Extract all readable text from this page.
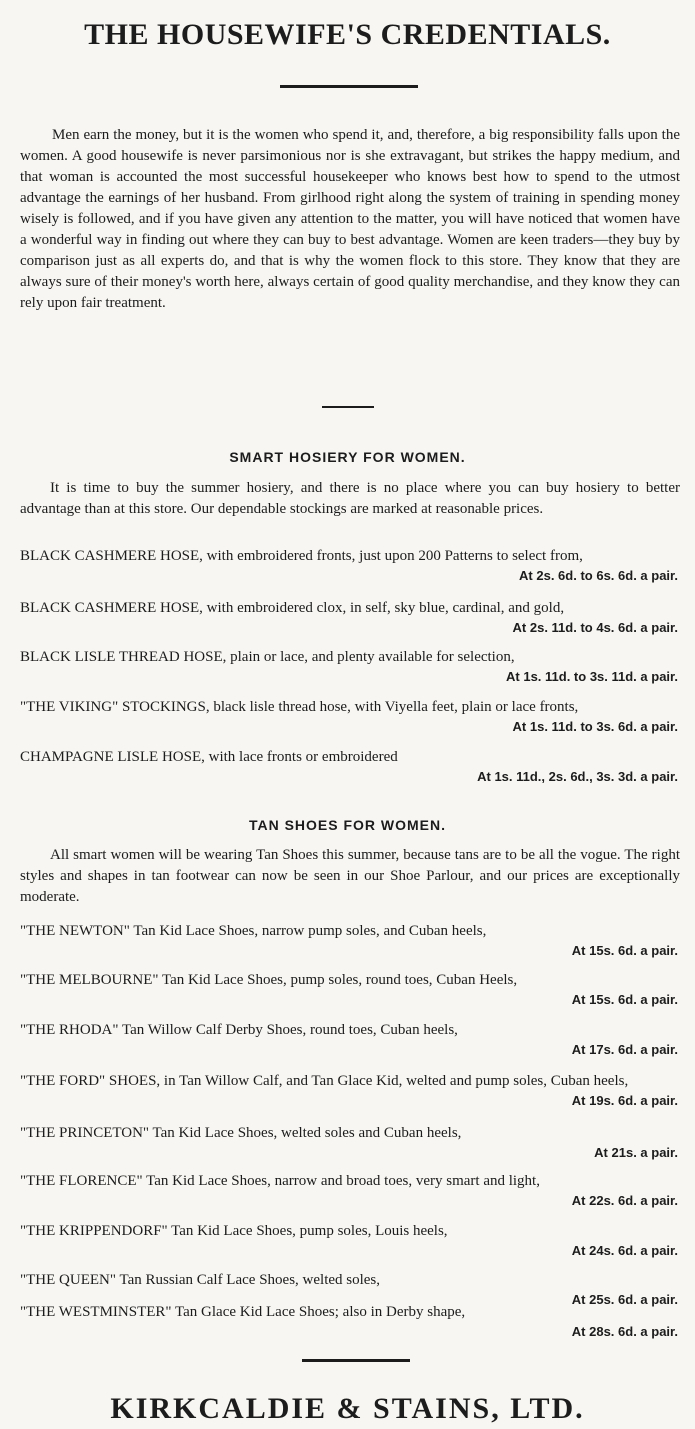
THE HOUSEWIFE'S CREDENTIALS.

Men earn the money, but it is the women who spend it, and, therefore, a big responsibility falls upon the women. A good housewife is never parsimonious nor is she extravagant, but strikes the happy medium, and that woman is accounted the most successful housekeeper who knows best how to spend to the utmost advantage the earnings of her husband. From girlhood right along the system of training in spending money wisely is followed, and if you have given any attention to the matter, you will have noticed that women have a wonderful way in finding out where they can buy to best advantage. Women are keen traders—they buy by comparison just as all experts do, and that is why the women flock to this store. They know that they are always sure of their money's worth here, always certain of good quality merchandise, and they know they can rely upon fair treatment.

SMART HOSIERY FOR WOMEN.

It is time to buy the summer hosiery, and there is no place where you can buy hosiery to better advantage than at this store. Our dependable stockings are marked at reasonable prices.

BLACK CASHMERE HOSE, with embroidered fronts, just upon 200 Patterns to select from,

At 2s. 6d. to 6s. 6d. a pair.

BLACK CASHMERE HOSE, with embroidered clox, in self, sky blue, cardinal, and gold,

At 2s. 11d. to 4s. 6d. a pair.

BLACK LISLE THREAD HOSE, plain or lace, and plenty available for selection,

At 1s. 11d. to 3s. 11d. a pair.

"THE VIKING" STOCKINGS, black lisle thread hose, with Viyella feet, plain or lace fronts,

At 1s. 11d. to 3s. 6d. a pair.

CHAMPAGNE LISLE HOSE, with lace fronts or embroidered

At 1s. 11d., 2s. 6d., 3s. 3d. a pair.

TAN SHOES FOR WOMEN.

All smart women will be wearing Tan Shoes this summer, because tans are to be all the vogue. The right styles and shapes in tan footwear can now be seen in our Shoe Parlour, and our prices are exceptionally moderate.

"THE NEWTON" Tan Kid Lace Shoes, narrow pump soles, and Cuban heels,

At 15s. 6d. a pair.

"THE MELBOURNE" Tan Kid Lace Shoes, pump soles, round toes, Cuban Heels,

At 15s. 6d. a pair.

"THE RHODA" Tan Willow Calf Derby Shoes, round toes, Cuban heels,

At 17s. 6d. a pair.

"THE FORD" SHOES, in Tan Willow Calf, and Tan Glace Kid, welted and pump soles, Cuban heels,

At 19s. 6d. a pair.

"THE PRINCETON" Tan Kid Lace Shoes, welted soles and Cuban heels,

At 21s. a pair.

"THE FLORENCE" Tan Kid Lace Shoes, narrow and broad toes, very smart and light,

At 22s. 6d. a pair.

"THE KRIPPENDORF" Tan Kid Lace Shoes, pump soles, Louis heels,

At 24s. 6d. a pair.

"THE QUEEN" Tan Russian Calf Lace Shoes, welted soles,

At 25s. 6d. a pair.

"THE WESTMINSTER" Tan Glace Kid Lace Shoes; also in Derby shape,

At 28s. 6d. a pair.

KIRKCALDIE & STAINS, LTD.
